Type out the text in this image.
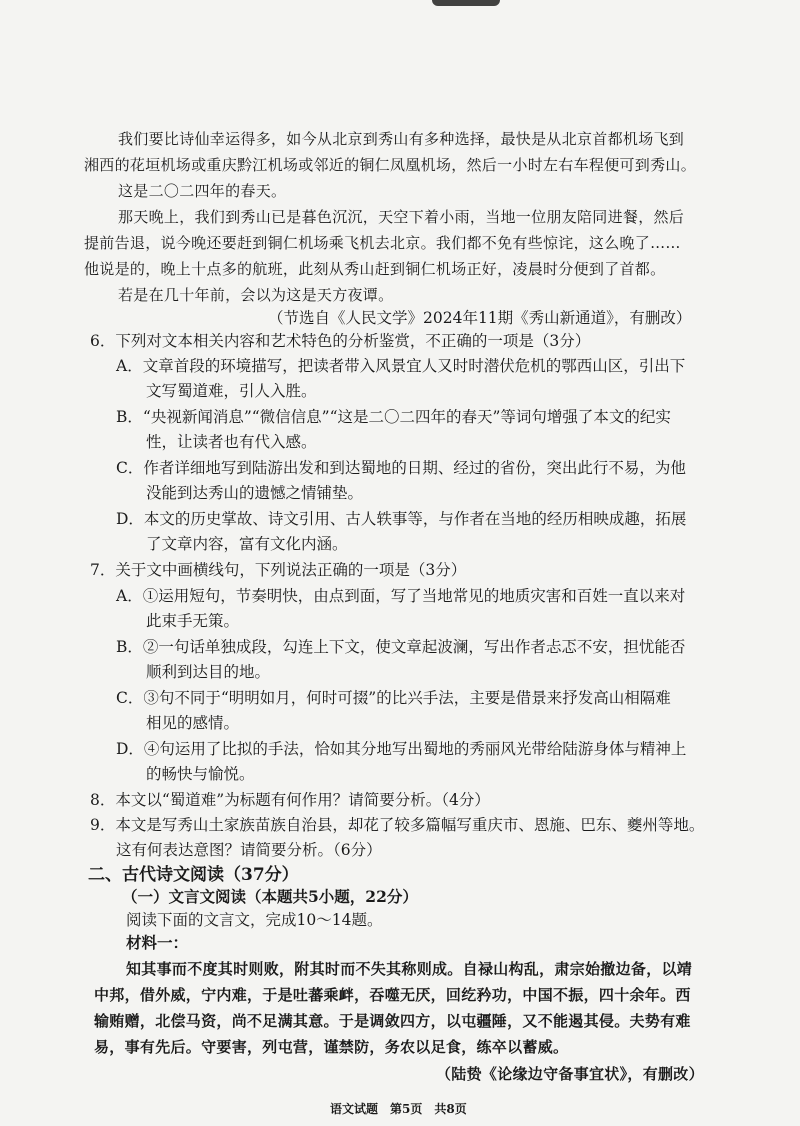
我们要比诗仙幸运得多，如今从北京到秀山有多种选择，最快是从北京首都机场飞到
湘西的花垣机场或重庆黔江机场或邻近的铜仁凤凰机场，然后一小时左右车程便可到秀山。
这是二〇二四年的春天。
那天晚上，我们到秀山已是暮色沉沉，天空下着小雨，当地一位朋友陪同进餐，然后
提前告退，说今晚还要赶到铜仁机场乘飞机去北京。我们都不免有些惊诧，这么晚了……
他说是的，晚上十点多的航班，此刻从秀山赶到铜仁机场正好，凌晨时分便到了首都。
若是在几十年前，会以为这是天方夜谭。
（节选自《人民文学》2024年11期《秀山新通道》，有删改）
6．下列对文本相关内容和艺术特色的分析鉴赏，不正确的一项是（3分）
A．文章首段的环境描写，把读者带入风景宜人又时时潜伏危机的鄂西山区，引出下
文写蜀道难，引人入胜。
B．“央视新闻消息”“微信信息”“这是二〇二四年的春天”等词句增强了本文的纪实
性，让读者也有代入感。
C．作者详细地写到陆游出发和到达蜀地的日期、经过的省份，突出此行不易，为他
没能到达秀山的遗憾之情铺垫。
D．本文的历史掌故、诗文引用、古人轶事等，与作者在当地的经历相映成趣，拓展
了文章内容，富有文化内涵。
7．关于文中画横线句，下列说法正确的一项是（3分）
A．①运用短句，节奏明快，由点到面，写了当地常见的地质灾害和百姓一直以来对
此束手无策。
B．②一句话单独成段，勾连上下文，使文章起波澜，写出作者忐忑不安，担忧能否
顺利到达目的地。
C．③句不同于“明明如月，何时可掇”的比兴手法，主要是借景来抒发高山相隔难
相见的感情。
D．④句运用了比拟的手法，恰如其分地写出蜀地的秀丽风光带给陆游身体与精神上
的畅快与愉悦。
8．本文以“蜀道难”为标题有何作用？请简要分析。（4分）
9．本文是写秀山土家族苗族自治县，却花了较多篇幅写重庆市、恩施、巴东、夔州等地。
这有何表达意图？请简要分析。（6分）
二、古代诗文阅读（37分）
（一）文言文阅读（本题共5小题，22分）
阅读下面的文言文，完成10～14题。
材料一：
知其事而不度其时则败，附其时而不失其称则成。自禄山构乱，肃宗始撤边备，以靖
中邦，借外威，宁内难，于是吐蕃乘衅，吞噬无厌，回纥矜功，中国不振，四十余年。西
输贿赠，北偿马资，尚不足满其意。于是调敛四方，以屯疆陲，又不能遏其侵。夫势有难
易，事有先后。守要害，列屯营，谨禁防，务农以足食，练卒以蓄威。
（陆贽《论缘边守备事宜状》，有删改）
语文试题　第5页　共8页
